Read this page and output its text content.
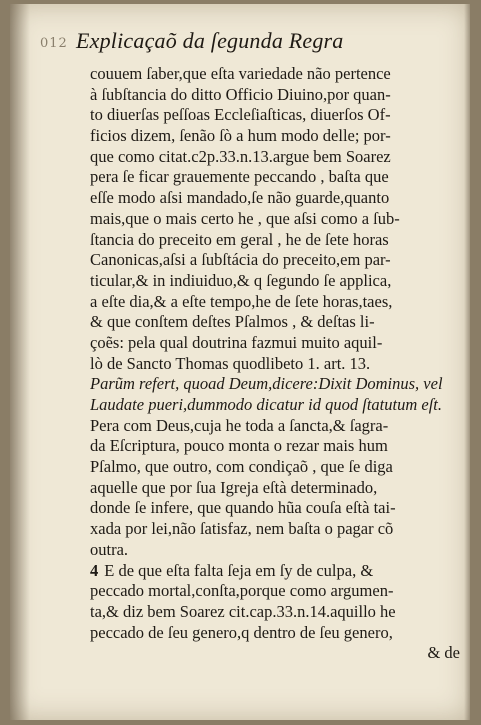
012 Explicaçaõ da ſegunda Regra
couuem ſaber,que eſta variedade não pertence
à ſubſtancia do ditto Officio Diuino,por quan-
to diuerſas peſſoas Eccleſiaſticas, diuerſos Of-
ficios dizem, ſenão ſò a hum modo delle; por-
que como citat.c2p.33.n.13.argue bem Soarez
pera ſe ficar grauemente peccando , baſta que
eſſe modo aſsi mandado,ſe não guarde,quanto
mais,que o mais certo he , que aſsi como a ſub-
ſtancia do preceito em geral , he de ſete horas
Canonicas,aſsi a ſubſtácia do preceito,em par-
ticular,& in indiuiduo,& q ſegundo ſe applica,
a eſte dia,& a eſte tempo,he de ſete horas,taes,
& que conſtem deſtes Pſalmos , & deſtas li-
çoẽs: pela qual doutrina fazmui muito aquil-
lò de Sancto Thomas quodlibeto 1. art. 13.
Parũm refert, quoad Deum,dicere:Dixit Dominus, vel
Laudate pueri,dummodo dicatur id quod ſtatutum eſt.
Pera com Deus,cuja he toda a ſancta,& ſagra-
da Eſcriptura, pouco monta o rezar mais hum
Pſalmo, que outro, com condiçaõ , que ſe diga
aquelle que por ſua Igreja eſtà determinado,
donde ſe infere, que quando hũa couſa eſtà tai-
xada por lei,não ſatisfaz, nem baſta o pagar cõ
outra.
4 E de que eſta falta ſeja em ſy de culpa, &
peccado mortal,conſta,porque como argumen-
ta,& diz bem Soarez cit.cap.33.n.14.aquillo he
peccado de ſeu genero,q dentro de ſeu genero,
& de
